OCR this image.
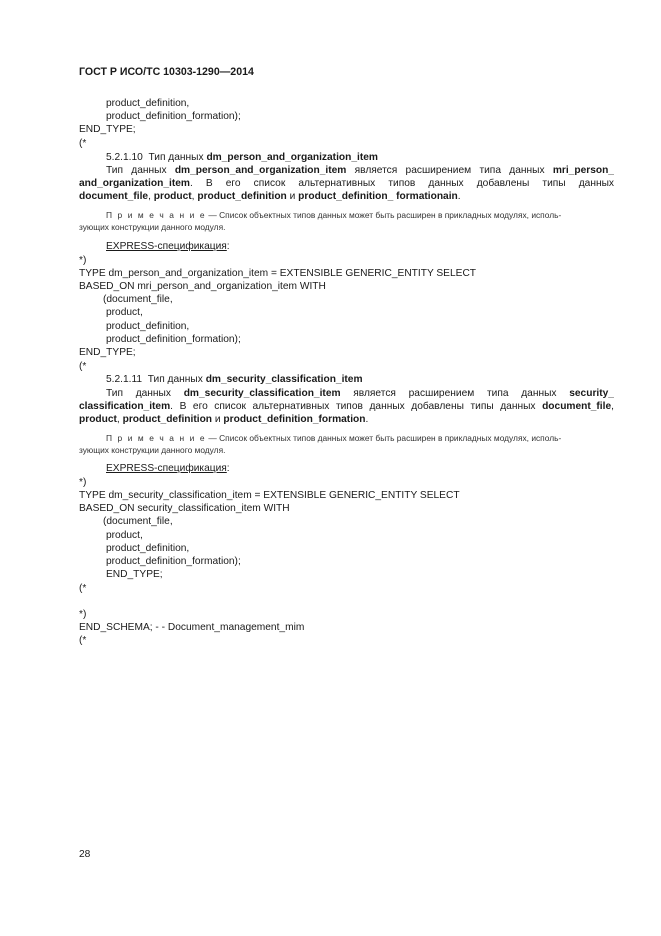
ГОСТ Р ИСО/ТС 10303-1290—2014
product_definition,
product_definition_formation);
END_TYPE;
(*
5.2.1.10 Тип данных dm_person_and_organization_item
Тип данных dm_person_and_organization_item является расширением типа данных mri_person_
and_organization_item. В его список альтернативных типов данных добавлены типы данных
document_file, product, product_definition и product_definition_ formationain.
П р и м е ч а н и е — Список объектных типов данных может быть расширен в прикладных модулях, исполь-
зующих конструкции данного модуля.
EXPRESS-спецификация:
*)
TYPE dm_person_and_organization_item = EXTENSIBLE GENERIC_ENTITY SELECT
BASED_ON mri_person_and_organization_item WITH
(document_file,
product,
product_definition,
product_definition_formation);
END_TYPE;
(*
5.2.1.11 Тип данных dm_security_classification_item
Тип данных dm_security_classification_item является расширением типа данных security_
classification_item. В его список альтернативных типов данных добавлены типы данных document_file,
product, product_definition и product_definition_formation.
П р и м е ч а н и е — Список объектных типов данных может быть расширен в прикладных модулях, исполь-
зующих конструкции данного модуля.
EXPRESS-спецификация:
*)
TYPE dm_security_classification_item = EXTENSIBLE GENERIC_ENTITY SELECT
BASED_ON security_classification_item WITH
(document_file,
product,
product_definition,
product_definition_formation);
END_TYPE;
(*
*)
END_SCHEMA; - - Document_management_mim
(*
28
